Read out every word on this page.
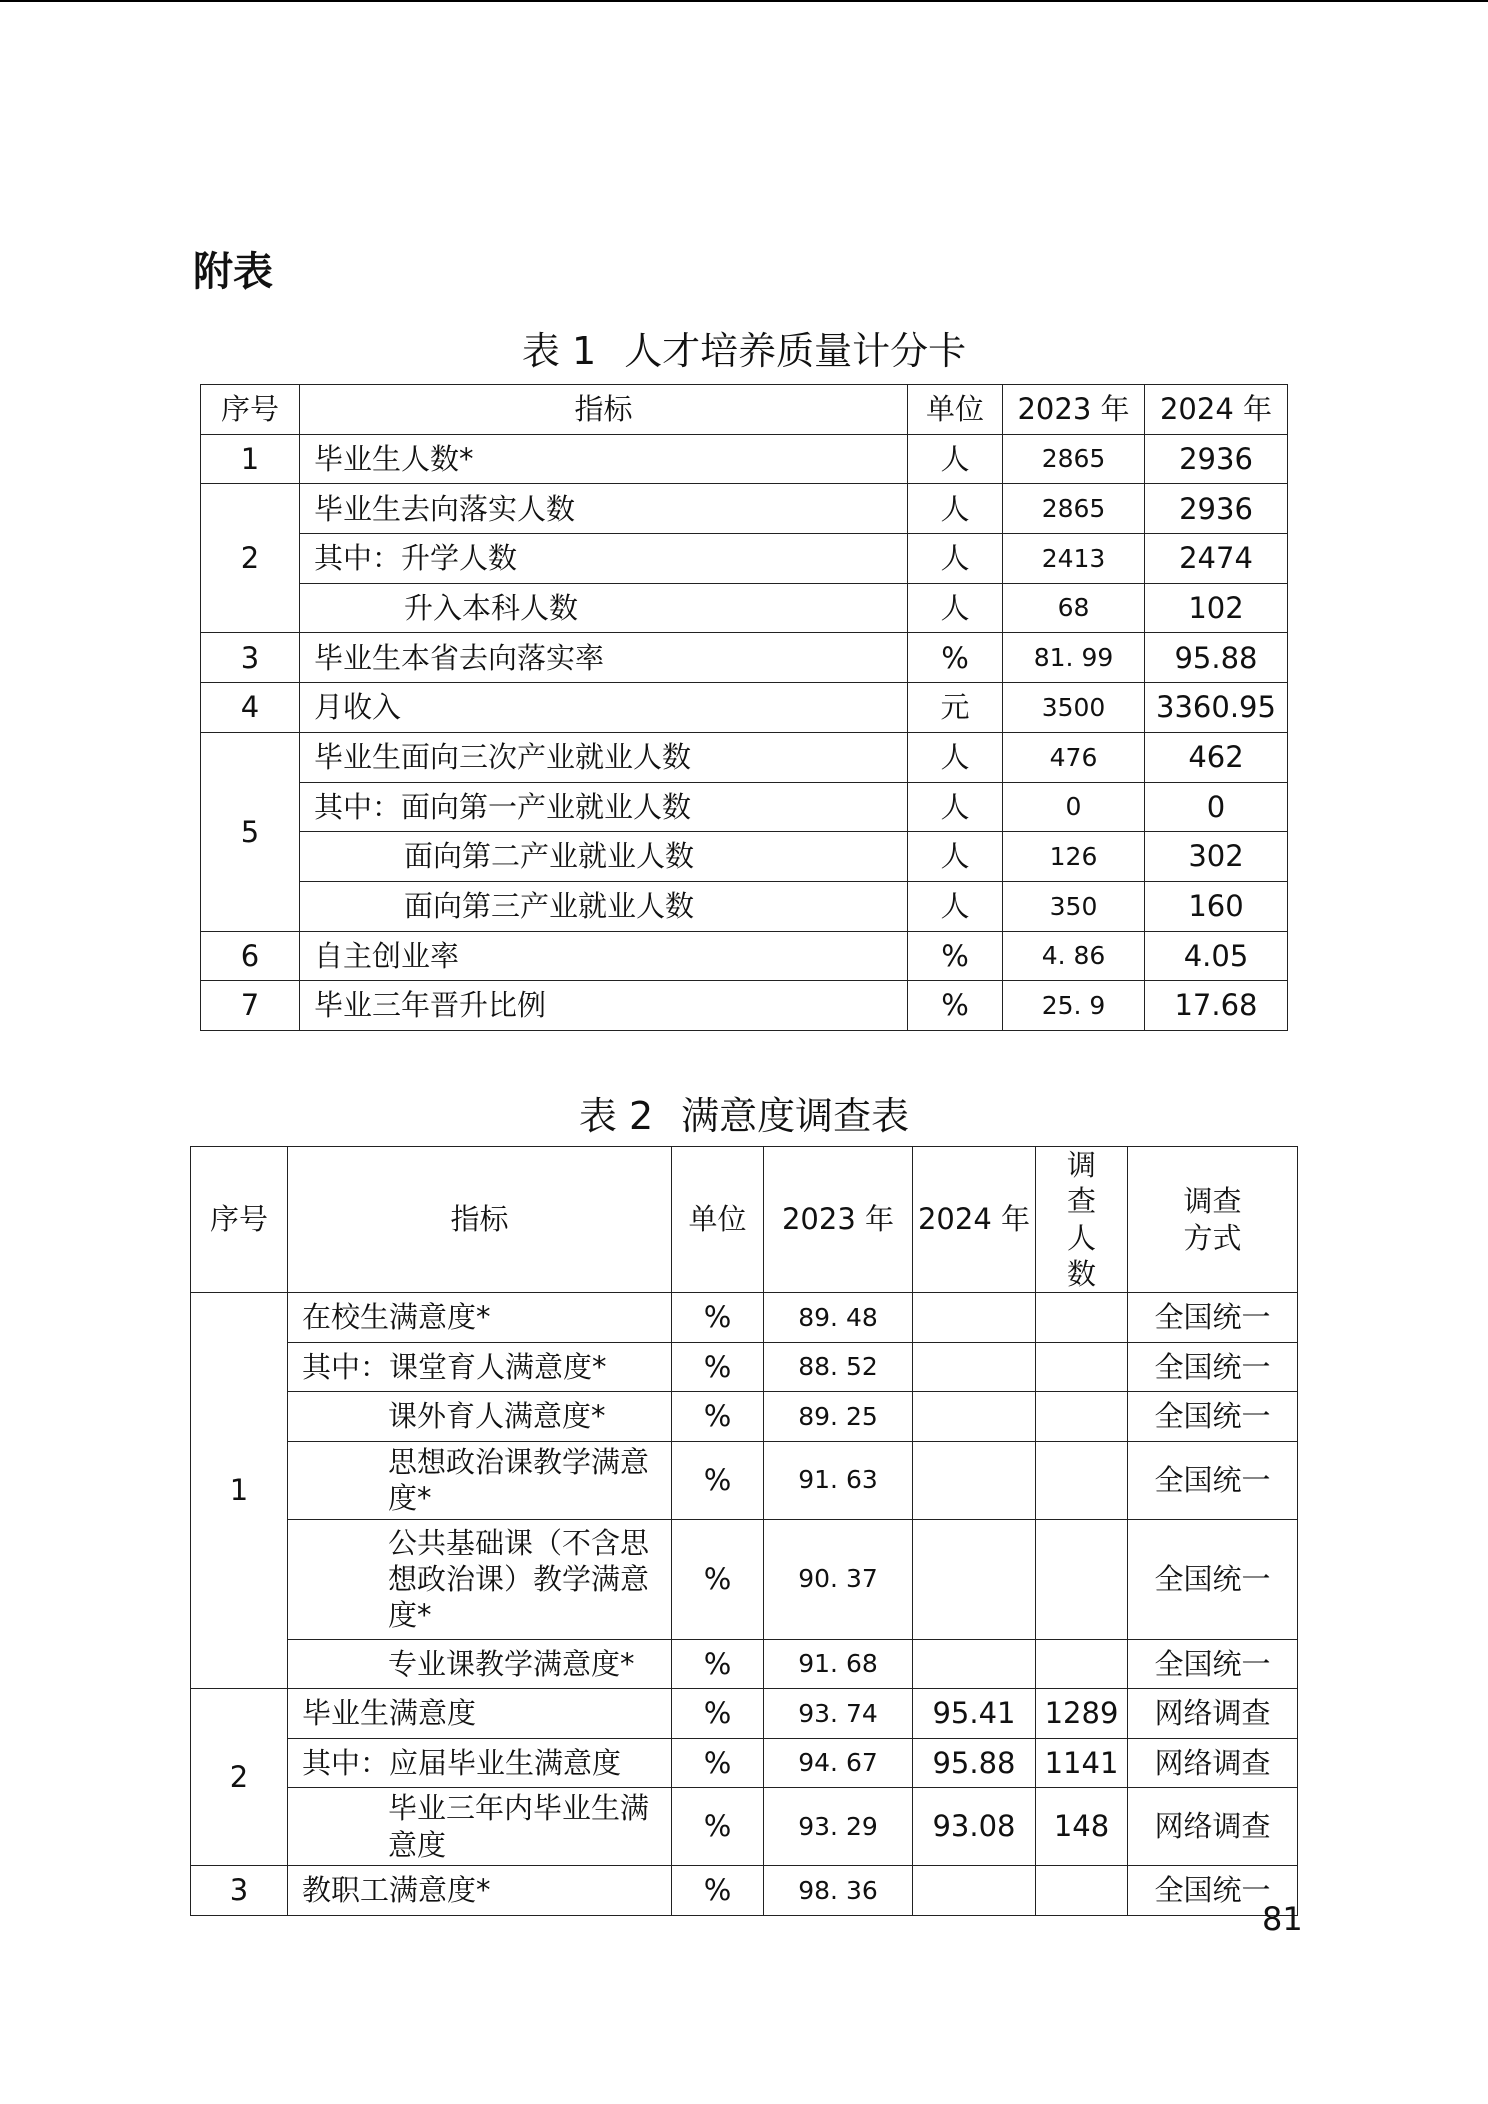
附表
表 1 人才培养质量计分卡
序号	指标	单位	2023 年	2024 年
1	毕业生人数*	人	2865	2936
2	毕业生去向落实人数	人	2865	2936
	其中：升学人数	人	2413	2474
	升入本科人数	人	68	102
3	毕业生本省去向落实率	%	81. 99	95.88
4	月收入	元	3500	3360.95
5	毕业生面向三次产业就业人数	人	476	462
	其中：面向第一产业就业人数	人	0	0
	面向第二产业就业人数	人	126	302
	面向第三产业就业人数	人	350	160
6	自主创业率	%	4. 86	4.05
7	毕业三年晋升比例	%	25. 9	17.68
表 2 满意度调查表
序号	指标	单位	2023 年	2024 年	调查人数	调查方式
1	在校生满意度*	%	89. 48			全国统一
	其中：课堂育人满意度*	%	88. 52			全国统一
	课外育人满意度*	%	89. 25			全国统一
	思想政治课教学满意度*	%	91. 63			全国统一
	公共基础课（不含思想政治课）教学满意度*	%	90. 37			全国统一
	专业课教学满意度*	%	91. 68			全国统一
2	毕业生满意度	%	93. 74	95.41	1289	网络调查
	其中：应届毕业生满意度	%	94. 67	95.88	1141	网络调查
	毕业三年内毕业生满意度	%	93. 29	93.08	148	网络调查
3	教职工满意度*	%	98. 36			全国统一

81
